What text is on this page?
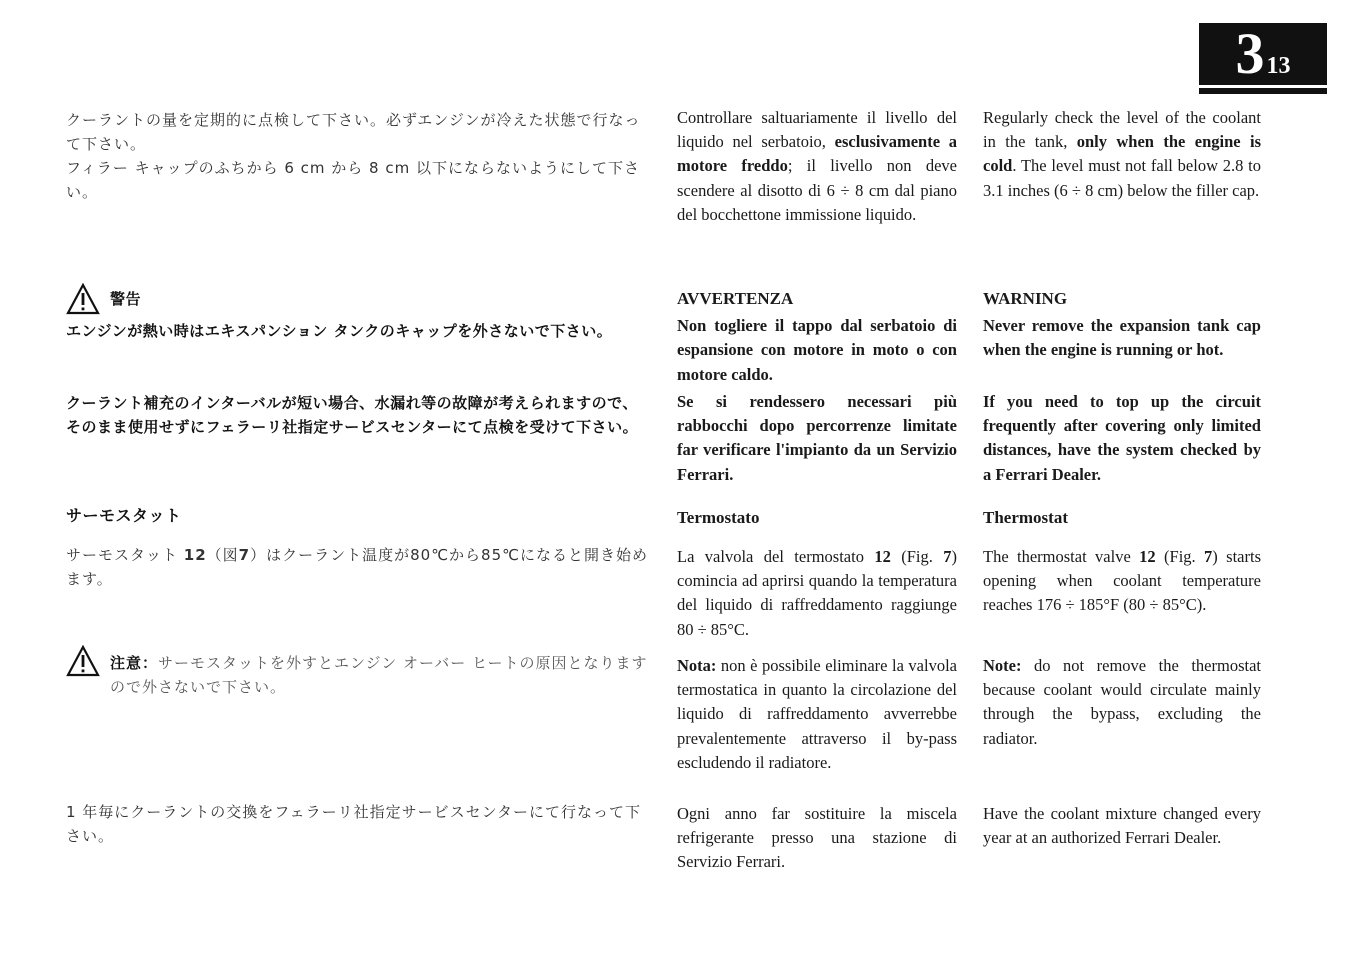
3 13
クーラントの量を定期的に点検して下さい。必ずエンジンが冷えた状態で行なって下さい。
フィラー キャップのふちから 6 cm から 8 cm 以下にならないようにして下さい。

Controllare saltuariamente il livello del liquido nel serbatoio, esclusivamente a motore freddo; il livello non deve scendere al disotto di 6 ÷ 8 cm dal piano del bocchettone immissione liquido.

Regularly check the level of the coolant in the tank, only when the engine is cold. The level must not fall below 2.8 to 3.1 inches (6 ÷ 8 cm) below the filler cap.

警告
エンジンが熱い時はエキスパンション タンクのキャップを外さないで下さい。
AVVERTENZA
Non togliere il tappo dal serbatoio di espansione con motore in moto o con motore caldo.
WARNING
Never remove the expansion tank cap when the engine is running or hot.
クーラント補充のインターバルが短い場合、水漏れ等の故障が考えられますので、そのまま使用せずにフェラーリ社指定サービスセンターにて点検を受けて下さい。
Se si rendessero necessari più rabbocchi dopo percorrenze limitate far verificare l'impianto da un Servizio Ferrari.
If you need to top up the circuit frequently after covering only limited distances, have the system checked by a Ferrari Dealer.
サーモスタット	Termostato	Thermostat

サーモスタット 12（図7）はクーラント温度が80℃から85℃になると開き始めます。

La valvola del termostato 12 (Fig. 7) comincia ad aprirsi quando la temperatura del liquido di raffreddamento raggiunge 80 ÷ 85°C.

The thermostat valve 12 (Fig. 7) starts opening when coolant temperature reaches 176 ÷ 185°F (80 ÷ 85°C).

注意：サーモスタットを外すとエンジン オーバー ヒートの原因となりますので外さないで下さい。

Nota: non è possibile eliminare la valvola termostatica in quanto la circolazione del liquido di raffreddamento avverrebbe prevalentemente attraverso il by-pass escludendo il radiatore.

Note: do not remove the thermostat because coolant would circulate mainly through the bypass, excluding the radiator.

1 年毎にクーラントの交換をフェラーリ社指定サービスセンターにて行なって下さい。
Ogni anno far sostituire la miscela refrigerante presso una stazione di Servizio Ferrari.
Have the coolant mixture changed every year at an authorized Ferrari Dealer.
